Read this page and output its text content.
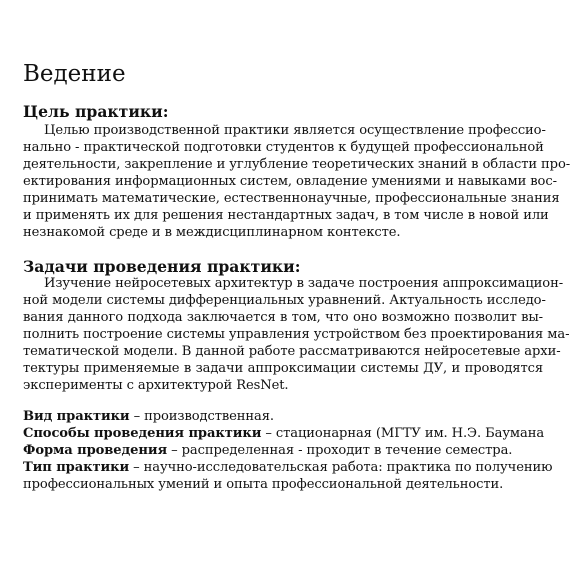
Ведение
Цель практики:
Целью производственной практики является осуществление профессио-
нально - практической подготовки студентов к будущей профессиональной
деятельности, закрепление и углубление теоретических знаний в области про-
ектирования информационных систем, овладение умениями и навыками вос-
принимать математические, естественнонаучные, профессиональные знания
и применять их для решения нестандартных задач, в том числе в новой или
незнакомой среде и в междисциплинарном контексте.
Задачи проведения практики:
Изучение нейросетевых архитектур в задаче построения аппроксимацион-
ной модели системы дифференциальных уравнений. Актуальность исследо-
вания данного подхода заключается в том, что оно возможно позволит вы-
полнить построение системы управления устройством без проектирования ма-
тематической модели. В данной работе рассматриваются нейросетевые архи-
тектуры применяемые в задачи аппроксимации системы ДУ, и проводятся
эксперименты с архитектурой ResNet.
Вид практики – производственная.
Способы проведения практики – стационарная (МГТУ им. Н.Э. Баумана
Форма проведения – распределенная - проходит в течение семестра.
Тип практики – научно-исследовательская работа: практика по получению
профессиональных умений и опыта профессиональной деятельности.
